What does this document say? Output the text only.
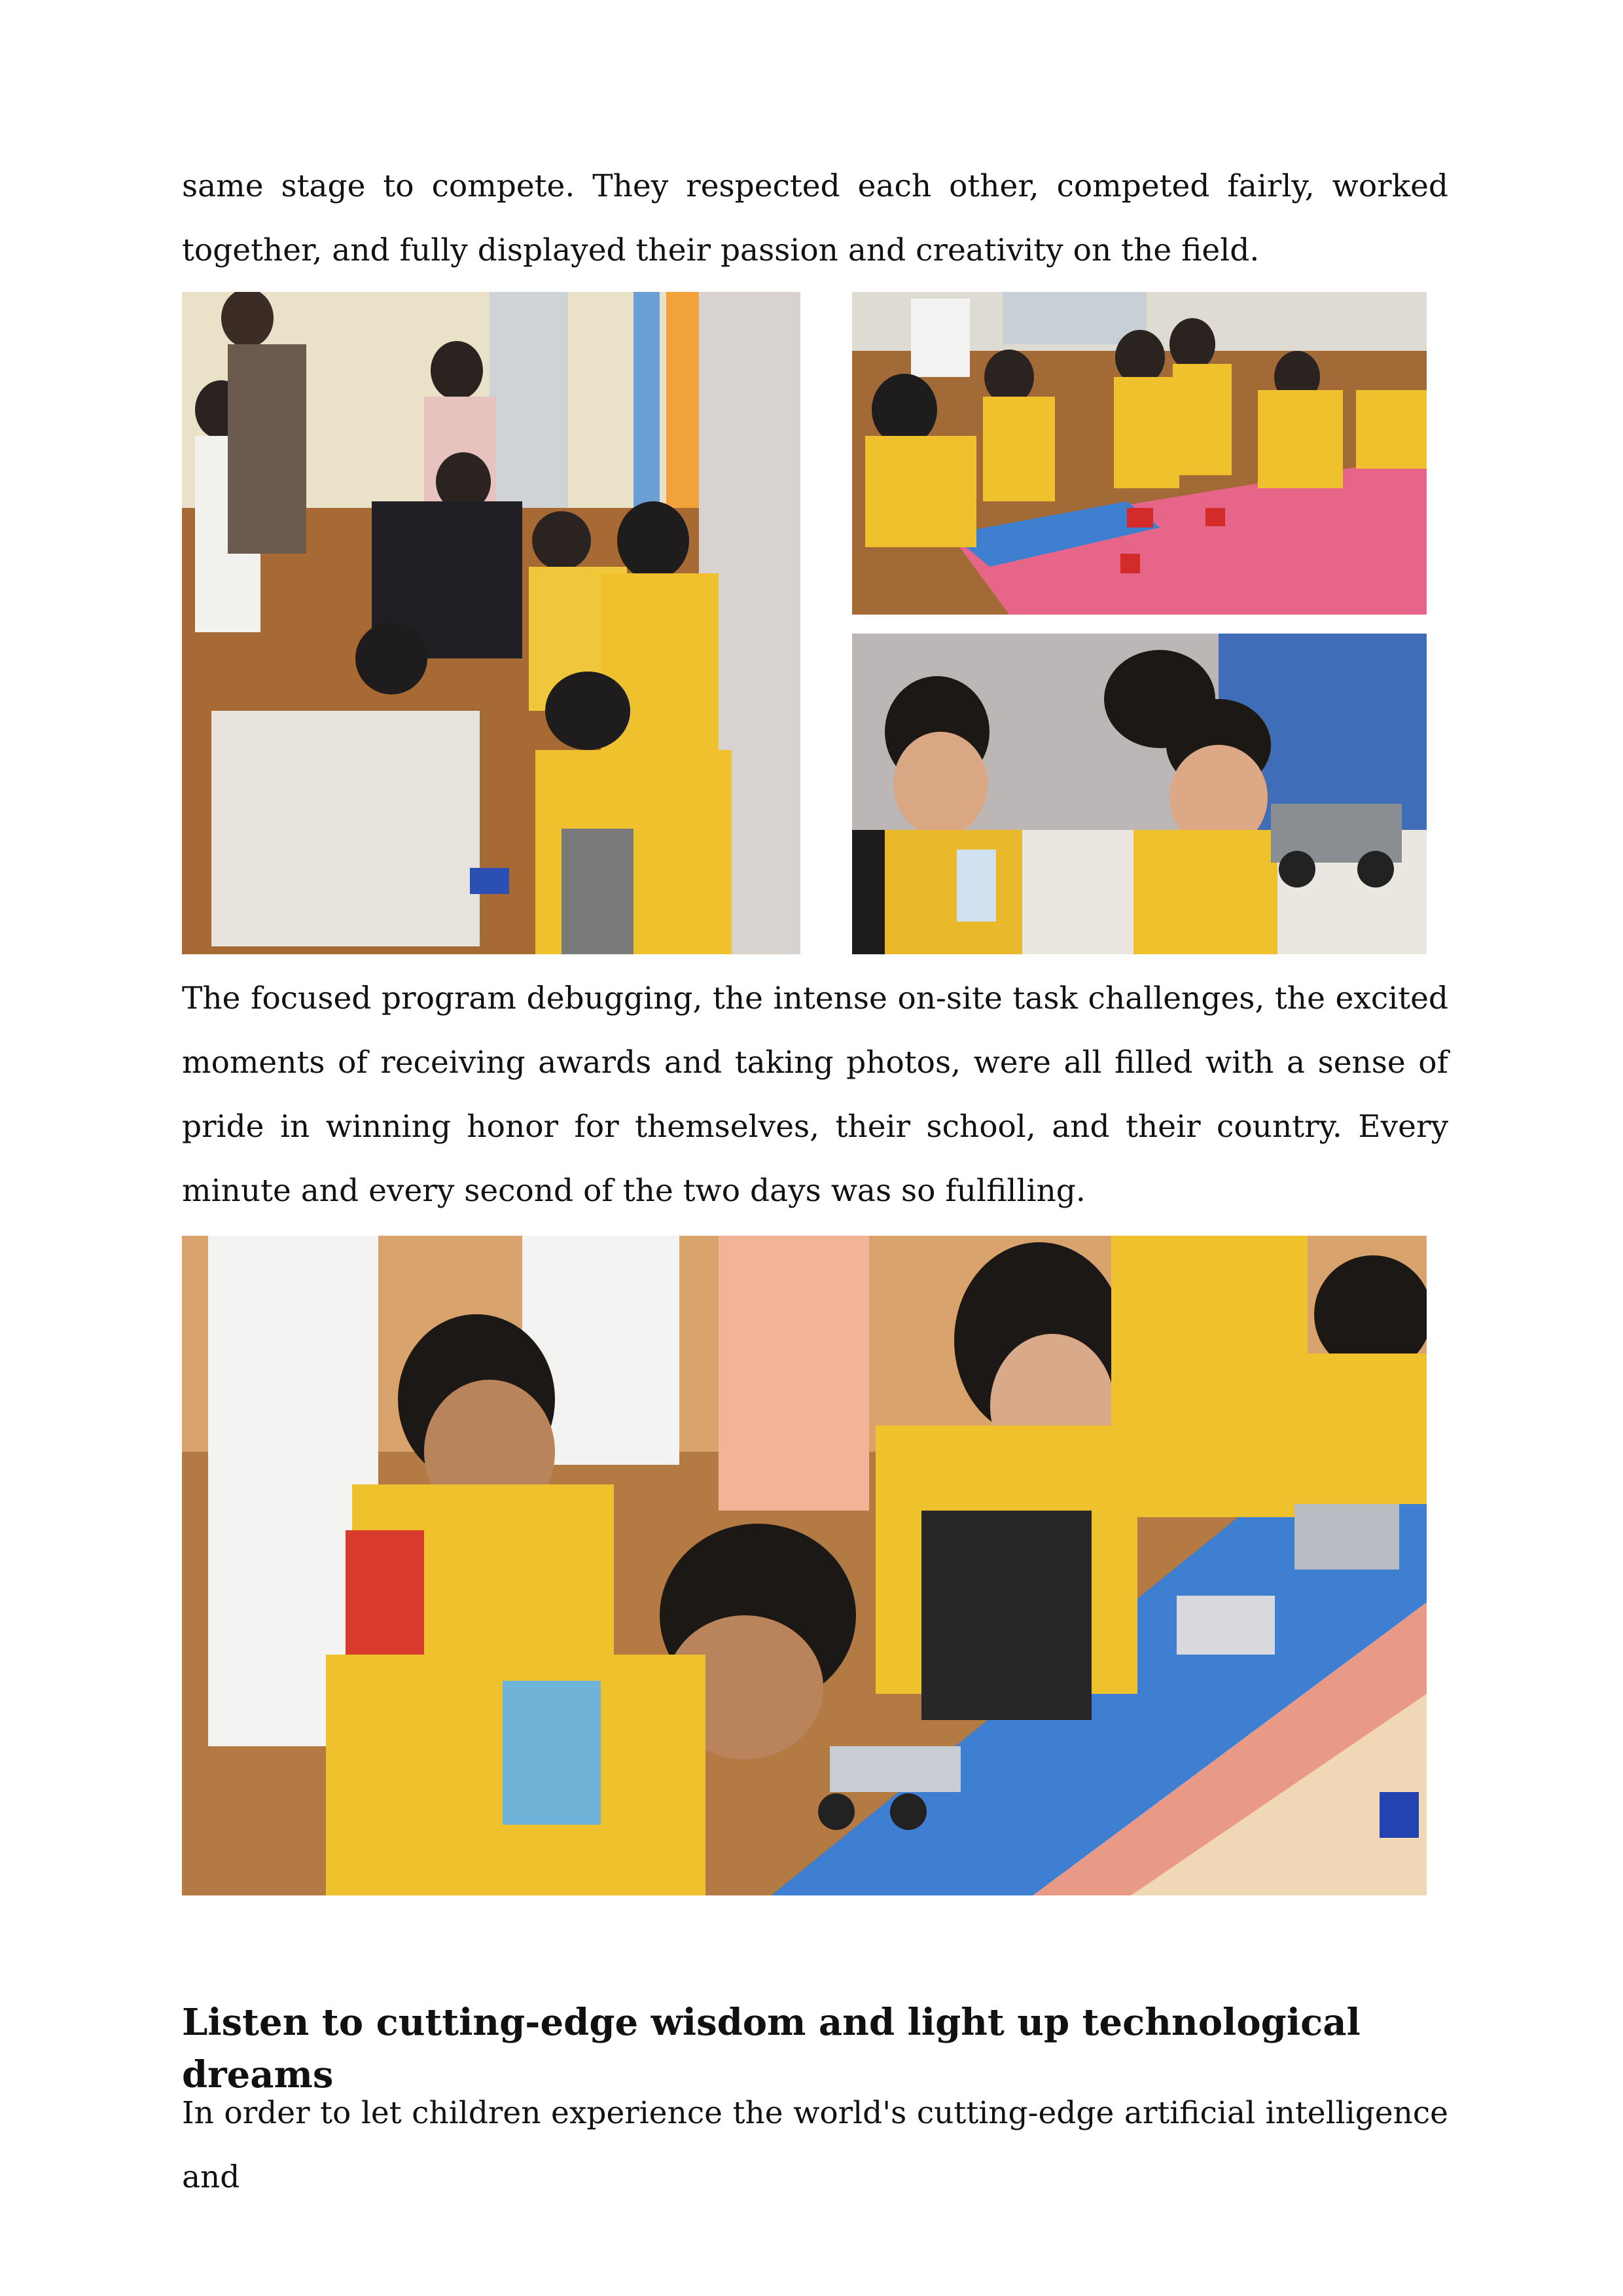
same stage to compete. They respected each other, competed fairly, worked together, and fully displayed their passion and creativity on the field.

The focused program debugging, the intense on-site task challenges, the excited moments of receiving awards and taking photos, were all filled with a sense of pride in winning honor for themselves, their school, and their country. Every minute and every second of the two days was so fulfilling.

Listen to cutting-edge wisdom and light up technological dreams

In order to let children experience the world's cutting-edge artificial intelligence and
